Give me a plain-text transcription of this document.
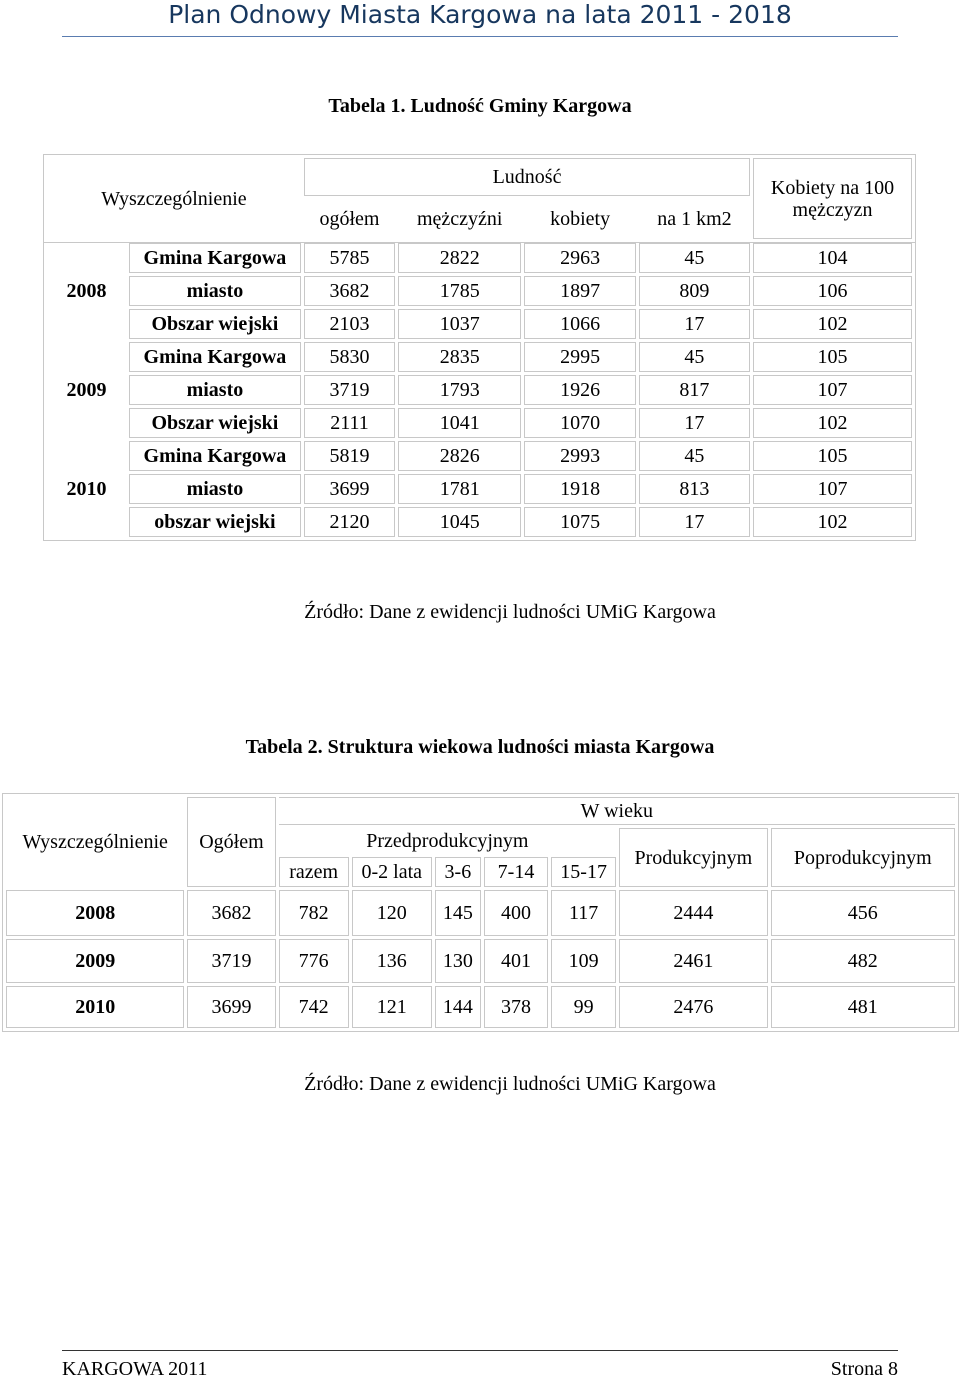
Plan Odnowy Miasta Kargowa na lata 2011 - 2018
Tabela 1. Ludność Gminy Kargowa
Wyszczególnienie	Ludność				Kobiety na 100 mężczyzn
	ogółem	mężczyźni	kobiety	na 1 km2	
2008	Gmina Kargowa	5785	2822	2963	45	104
	miasto	3682	1785	1897	809	106
	Obszar wiejski	2103	1037	1066	17	102
2009	Gmina Kargowa	5830	2835	2995	45	105
	miasto	3719	1793	1926	817	107
	Obszar wiejski	2111	1041	1070	17	102
2010	Gmina Kargowa	5819	2826	2993	45	105
	miasto	3699	1781	1918	813	107
	obszar wiejski	2120	1045	1075	17	102
Źródło: Dane z ewidencji ludności UMiG Kargowa
Tabela 2. Struktura wiekowa ludności miasta Kargowa
Wyszczególnienie	Ogółem	W wieku						
		Przedprodukcyjnym					Produkcyjnym	Poprodukcyjnym
		razem	0-2 lata	3-6	7-14	15-17		
2008	3682	782	120	145	400	117	2444	456
2009	3719	776	136	130	401	109	2461	482
2010	3699	742	121	144	378	99	2476	481
Źródło: Dane z ewidencji ludności UMiG Kargowa
KARGOWA 2011	Strona 8
